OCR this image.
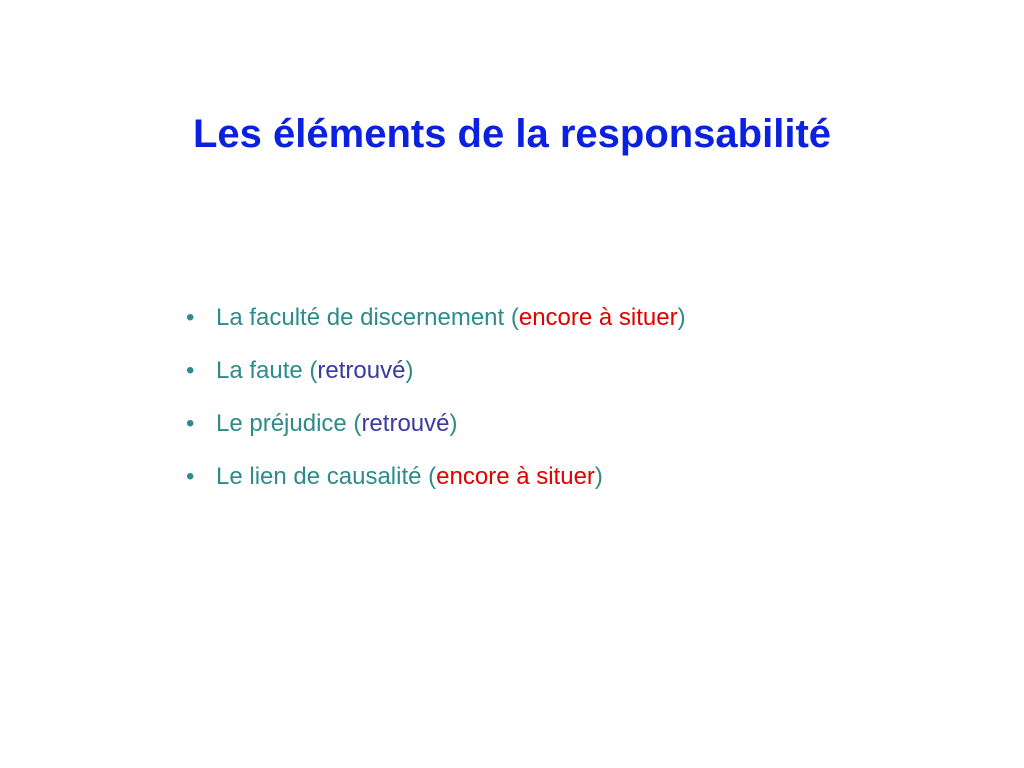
Les éléments de la responsabilité
• La faculté de discernement (encore à situer)
• La faute (retrouvé)
• Le préjudice (retrouvé)
• Le lien de causalité (encore à situer)
